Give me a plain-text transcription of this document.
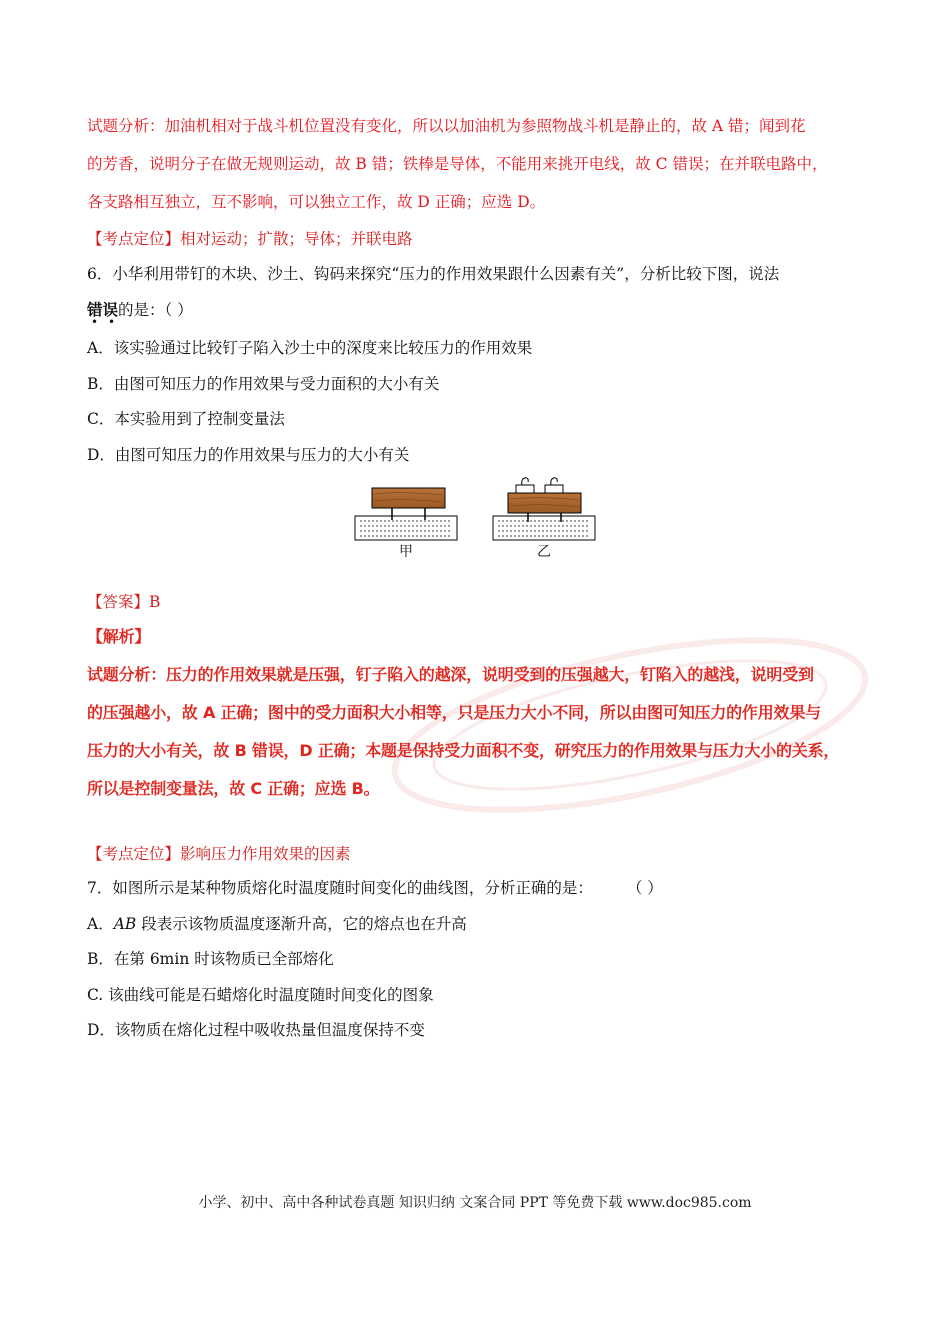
试题分析：加油机相对于战斗机位置没有变化，所以以加油机为参照物战斗机是静止的，故 A 错；闻到花
的芳香，说明分子在做无规则运动，故 B 错；铁棒是导体，不能用来挑开电线，故 C 错误；在并联电路中，
各支路相互独立，互不影响，可以独立工作，故 D 正确；应选 D。
【考点定位】相对运动；扩散；导体；并联电路
6．小华利用带钉的木块、沙土、钩码来探究“压力的作用效果跟什么因素有关”，分析比较下图，说法
错误
• •
的是：（ ）
A．该实验通过比较钉子陷入沙土中的深度来比较压力的作用效果
B．由图可知压力的作用效果与受力面积的大小有关
C．本实验用到了控制变量法
D．由图可知压力的作用效果与压力的大小有关
甲	乙
【答案】B
【解析】
试题分析：压力的作用效果就是压强，钉子陷入的越深，说明受到的压强越大，钉陷入的越浅，说明受到
的压强越小，故 A 正确；图中的受力面积大小相等，只是压力大小不同，所以由图可知压力的作用效果与
压力的大小有关，故 B 错误，D 正确；本题是保持受力面积不变，研究压力的作用效果与压力大小的关系，
所以是控制变量法，故 C 正确；应选 B。
【考点定位】影响压力作用效果的因素
7．如图所示是某种物质熔化时温度随时间变化的曲线图，分析正确的是： （ ）
A．AB 段表示该物质温度逐渐升高，它的熔点也在升高
B．在第 6min 时该物质已全部熔化
C. 该曲线可能是石蜡熔化时温度随时间变化的图象
D．该物质在熔化过程中吸收热量但温度保持不变
小学、初中、高中各种试卷真题 知识归纳 文案合同 PPT 等免费下载 www.doc985.com
